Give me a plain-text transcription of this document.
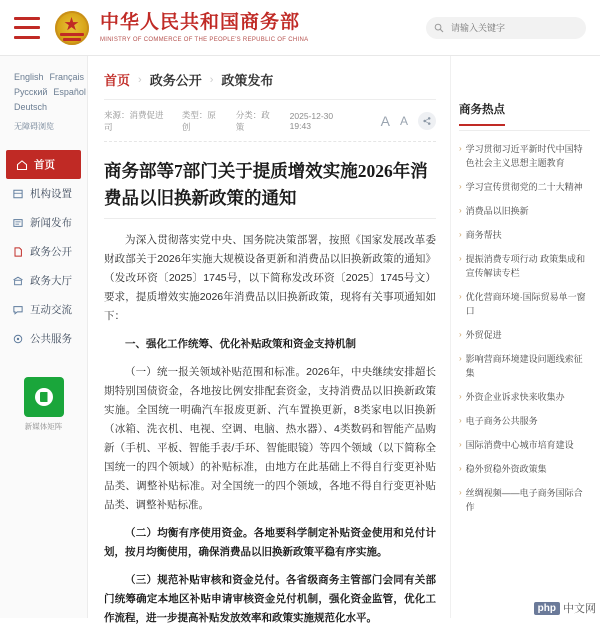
★ 中华人民共和国商务部
MINISTRY OF COMMERCE OF THE PEOPLE'S REPUBLIC OF CHINA
请输入关键字
English Français
Русский Español
Deutsch
无障碍浏览
首页
机构设置
新闻发布
政务公开
政务大厅
互动交流
公共服务
新媒体矩阵
首页 › 政务公开 › 政策发布
来源：消费促进司
类型：原创
分类：政策
2025-12-30 19:43	A A
商务部等7部门关于提质增效实施2026年消费品以旧换新政策的通知

为深入贯彻落实党中央、国务院决策部署，按照《国家发展改革委 财政部关于2026年实施大规模设备更新和消费品以旧换新政策的通知》（发改环资〔2025〕1745号，以下简称发改环资〔2025〕1745号文）要求，提质增效实施2026年消费品以旧换新政策，现将有关事项通知如下：

一、强化工作统筹、优化补贴政策和资金支持机制

（一）统一报关领域补贴范围和标准。2026年，中央继续安排超长期特别国债资金，各地按比例安排配套资金，支持消费品以旧换新政策实施。全国统一明确汽车报废更新、汽车置换更新，8类家电以旧换新（冰箱、洗衣机、电视、空调、电脑、热水器）、4类数码和智能产品购新（手机、平板、智能手表/手环、智能眼镜）等四个领域（以下简称全国统一的四个领域）的补贴标准，由地方在此基础上不得自行变更补贴品类、调整补贴标准。对全国统一的四个领域，各地不得自行变更补贴品类、调整补贴标准。

（二）均衡有序使用资金。各地要科学制定补贴资金使用和兑付计划，按月均衡使用，确保消费品以旧换新政策平稳有序实施。

（三）规范补贴审核和资金兑付。各省级商务主管部门会同有关部门统筹确定本地区补贴申请审核资金兑付机制，强化资金监管，优化工作流程，进一步提高补贴发放效率和政策实施规范化水平。

商务热点
› 学习贯彻习近平新时代中国特色社会主义思想主题教育
› 学习宣传贯彻党的二十大精神
› 消费品以旧换新
› 商务帮扶
› 提振消费专项行动 政策集成和宣传解读专栏
› 优化营商环境·国际贸易单一窗口
› 外贸促进
› 影响营商环境建设问题线索征集
› 外资企业诉求快来收集办
› 电子商务公共服务
› 国际消费中心城市培育建设
› 稳外贸稳外资政策集
› 丝绸视频——电子商务国际合作
php 中文网
